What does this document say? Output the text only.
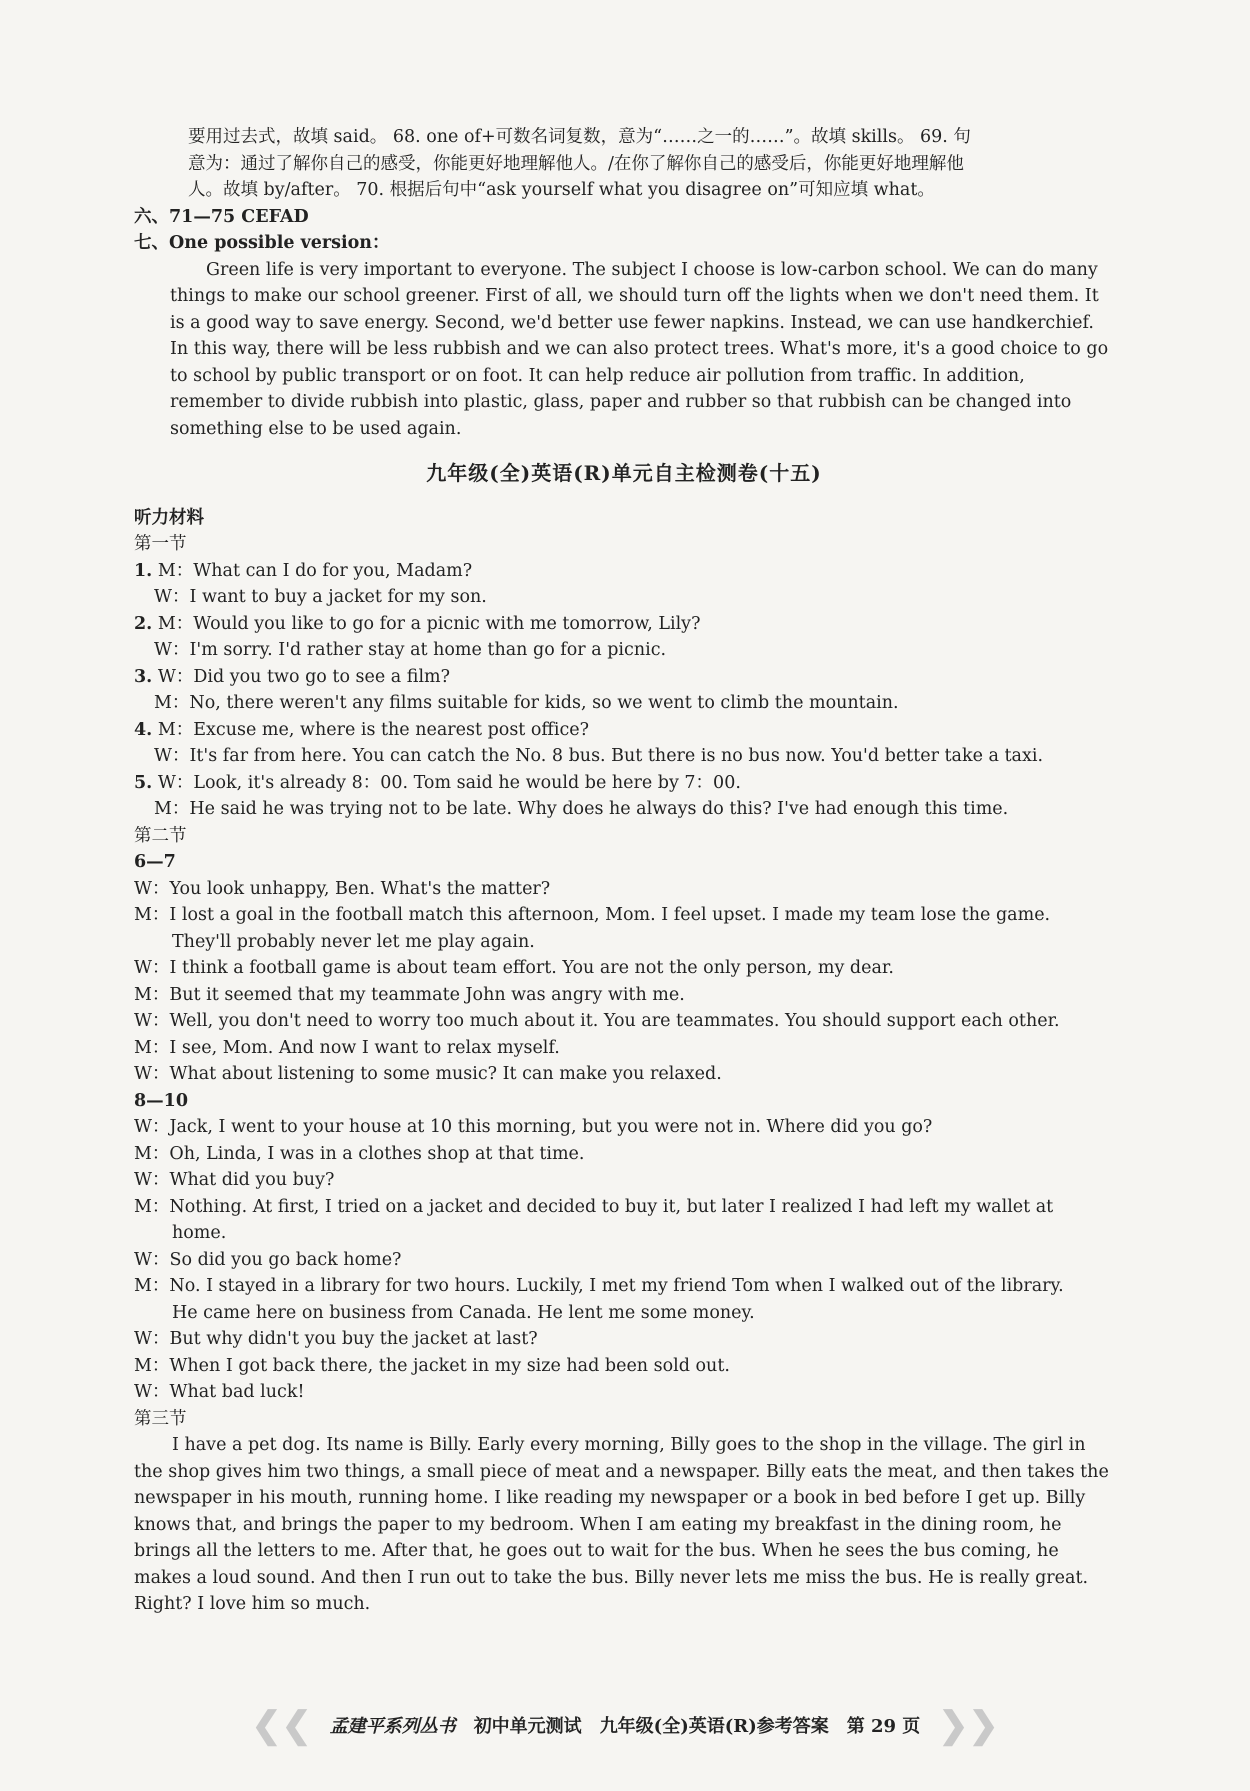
要用过去式，故填 said。 68. one of+可数名词复数，意为“……之一的……”。故填 skills。 69. 句
意为：通过了解你自己的感受，你能更好地理解他人。/在你了解你自己的感受后，你能更好地理解他
人。故填 by/after。 70. 根据后句中“ask yourself what you disagree on”可知应填 what。
六、71—75 CEFAD
七、One possible version：
Green life is very important to everyone. The subject I choose is low-carbon school. We can do many
things to make our school greener. First of all, we should turn off the lights when we don't need them. It
is a good way to save energy. Second, we'd better use fewer napkins. Instead, we can use handkerchief.
In this way, there will be less rubbish and we can also protect trees. What's more, it's a good choice to go
to school by public transport or on foot. It can help reduce air pollution from traffic. In addition,
remember to divide rubbish into plastic, glass, paper and rubber so that rubbish can be changed into
something else to be used again.
九年级(全)英语(R)单元自主检测卷(十五)
听力材料
第一节
1. M：What can I do for you, Madam?
W：I want to buy a jacket for my son.
2. M：Would you like to go for a picnic with me tomorrow, Lily?
W：I'm sorry. I'd rather stay at home than go for a picnic.
3. W：Did you two go to see a film?
M：No, there weren't any films suitable for kids, so we went to climb the mountain.
4. M：Excuse me, where is the nearest post office?
W：It's far from here. You can catch the No. 8 bus. But there is no bus now. You'd better take a taxi.
5. W：Look, it's already 8：00. Tom said he would be here by 7：00.
M：He said he was trying not to be late. Why does he always do this? I've had enough this time.
第二节
6—7
W：You look unhappy, Ben. What's the matter?
M：I lost a goal in the football match this afternoon, Mom. I feel upset. I made my team lose the game.
They'll probably never let me play again.
W：I think a football game is about team effort. You are not the only person, my dear.
M：But it seemed that my teammate John was angry with me.
W：Well, you don't need to worry too much about it. You are teammates. You should support each other.
M：I see, Mom. And now I want to relax myself.
W：What about listening to some music? It can make you relaxed.
8—10
W：Jack, I went to your house at 10 this morning, but you were not in. Where did you go?
M：Oh, Linda, I was in a clothes shop at that time.
W：What did you buy?
M：Nothing. At first, I tried on a jacket and decided to buy it, but later I realized I had left my wallet at
home.
W：So did you go back home?
M：No. I stayed in a library for two hours. Luckily, I met my friend Tom when I walked out of the library.
He came here on business from Canada. He lent me some money.
W：But why didn't you buy the jacket at last?
M：When I got back there, the jacket in my size had been sold out.
W：What bad luck!
第三节
I have a pet dog. Its name is Billy. Early every morning, Billy goes to the shop in the village. The girl in
the shop gives him two things, a small piece of meat and a newspaper. Billy eats the meat, and then takes the
newspaper in his mouth, running home. I like reading my newspaper or a book in bed before I get up. Billy
knows that, and brings the paper to my bedroom. When I am eating my breakfast in the dining room, he
brings all the letters to me. After that, he goes out to wait for the bus. When he sees the bus coming, he
makes a loud sound. And then I run out to take the bus. Billy never lets me miss the bus. He is really great.
Right? I love him so much.
❮❮ 孟建平系列丛书 初中单元测试 九年级(全)英语(R)参考答案 第 29 页 ❯❯
